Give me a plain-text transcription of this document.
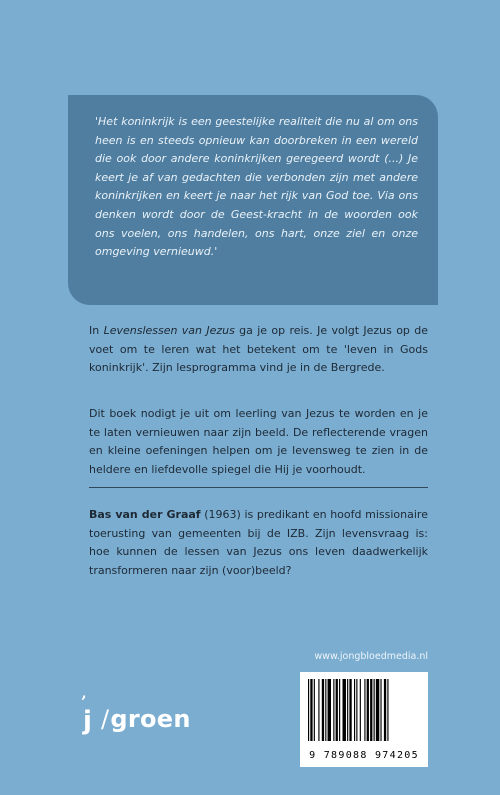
'Het koninkrijk is een geestelijke realiteit die nu al om ons heen is en steeds opnieuw kan doorbreken in een wereld die ook door andere koninkrijken geregeerd wordt (...) Je keert je af van gedachten die verbonden zijn met andere koninkrijken en keert je naar het rijk van God toe. Via ons denken wordt door de Geest-kracht in de woorden ook ons voelen, ons handelen, ons hart, onze ziel en onze omgeving vernieuwd.'

In Levenslessen van Jezus ga je op reis. Je volgt Jezus op de voet om te leren wat het betekent om te 'leven in Gods koninkrijk'. Zijn lesprogramma vind je in de Bergrede.

Dit boek nodigt je uit om leerling van Jezus te worden en je te laten vernieuwen naar zijn beeld. De reflecterende vragen en kleine oefeningen helpen om je levensweg te zien in de heldere en liefdevolle spiegel die Hij je voorhoudt.

Bas van der Graaf (1963) is predikant en hoofd missionaire toerusting van gemeenten bij de IZB. Zijn levensvraag is: hoe kunnen de lessen van Jezus ons leven daadwerkelijk transformeren naar zijn (voor)beeld?

www.jongbloedmedia.nl
’
j /groen
9 789088 974205
